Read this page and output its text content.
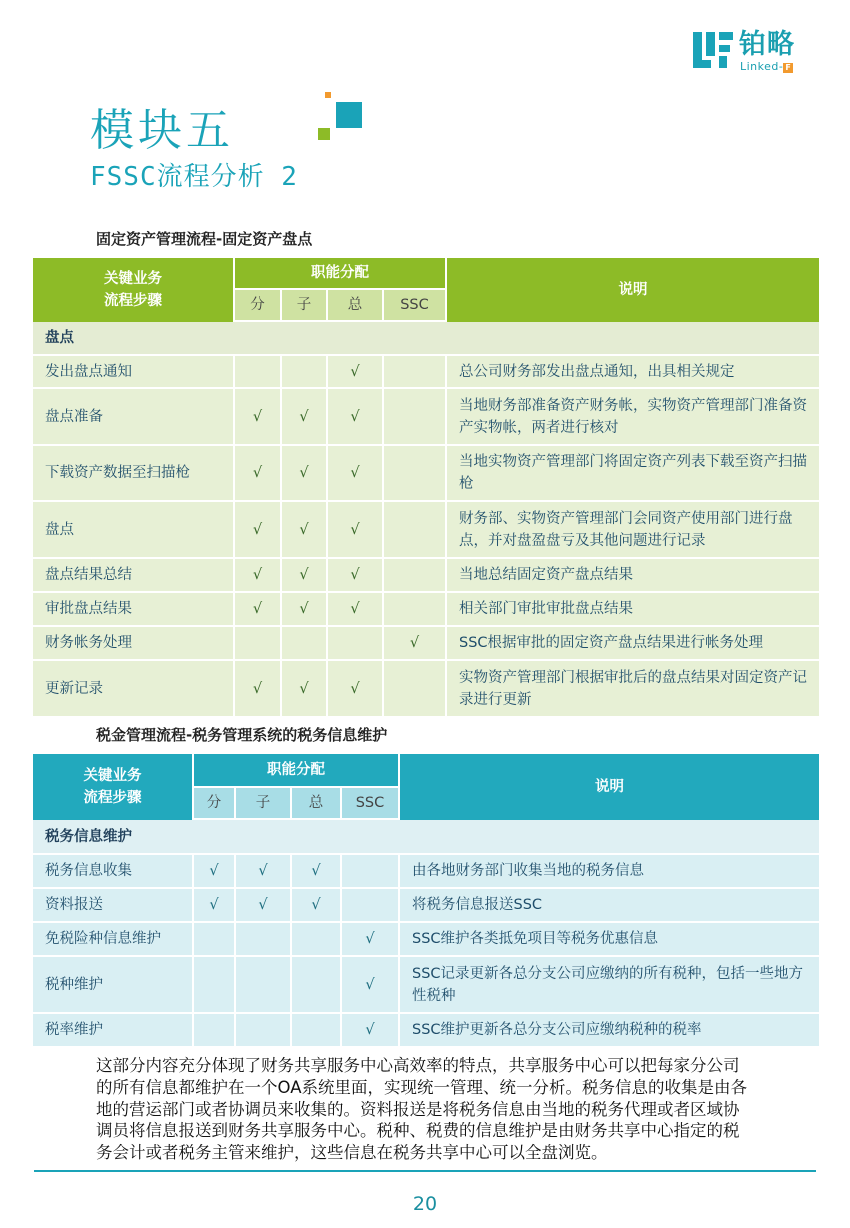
铂略
Linked- F
模块五
FSSC流程分析 2
固定资产管理流程-固定资产盘点
关键业务
流程步骤	职能分配				说明
	分	子	总	SSC	
盘点					
发出盘点通知			√		总公司财务部发出盘点通知，出具相关规定
盘点准备	√	√	√		当地财务部准备资产财务帐，实物资产管理部门准备资产实物帐，两者进行核对
下载资产数据至扫描枪	√	√	√		当地实物资产管理部门将固定资产列表下载至资产扫描枪
盘点	√	√	√		财务部、实物资产管理部门会同资产使用部门进行盘点，并对盘盈盘亏及其他问题进行记录
盘点结果总结	√	√	√		当地总结固定资产盘点结果
审批盘点结果	√	√	√		相关部门审批审批盘点结果
财务帐务处理				√	SSC根据审批的固定资产盘点结果进行帐务处理
更新记录	√	√	√		实物资产管理部门根据审批后的盘点结果对固定资产记录进行更新
税金管理流程-税务管理系统的税务信息维护
关键业务
流程步骤	职能分配				说明
	分	子	总	SSC	
税务信息维护					
税务信息收集	√	√	√		由各地财务部门收集当地的税务信息
资料报送	√	√	√		将税务信息报送SSC
免税险种信息维护				√	SSC维护各类抵免项目等税务优惠信息
税种维护				√	SSC记录更新各总分支公司应缴纳的所有税种，包括一些地方性税种
税率维护				√	SSC维护更新各总分支公司应缴纳税种的税率
这部分内容充分体现了财务共享服务中心高效率的特点，共享服务中心可以把每家分公司
的所有信息都维护在一个OA系统里面，实现统一管理、统一分析。税务信息的收集是由各
地的营运部门或者协调员来收集的。资料报送是将税务信息由当地的税务代理或者区域协
调员将信息报送到财务共享服务中心。税种、税费的信息维护是由财务共享中心指定的税
务会计或者税务主管来维护，这些信息在税务共享中心可以全盘浏览。
20
